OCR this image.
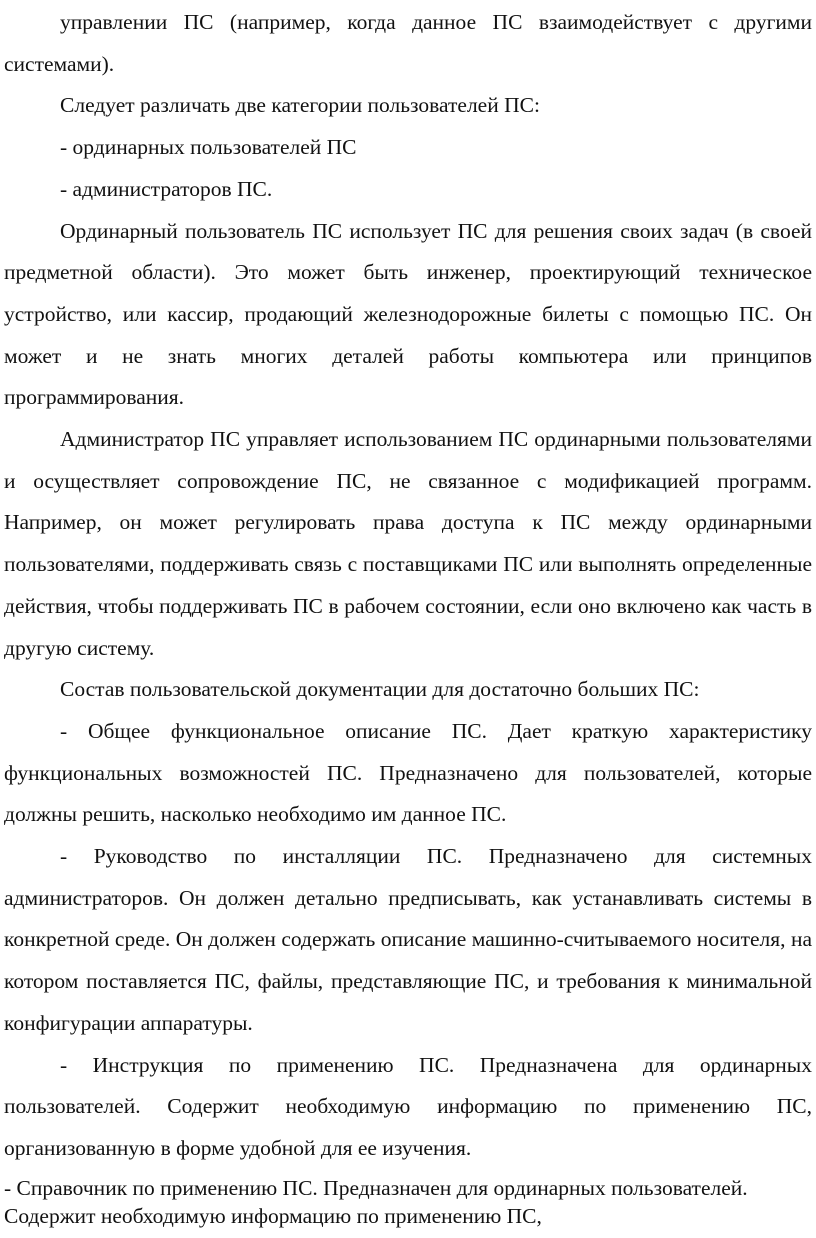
управлении ПС (например, когда данное ПС взаимодействует с другими системами).

Следует различать две категории пользователей ПС:

- ординарных пользователей ПС

- администраторов ПС.

Ординарный пользователь ПС использует ПС для решения своих задач (в своей предметной области). Это может быть инженер, проектирующий техническое устройство, или кассир, продающий железнодорожные билеты с помощью ПС. Он может и не знать многих деталей работы компьютера или принципов программирования.

Администратор ПС управляет использованием ПС ординарными пользователями и осуществляет сопровождение ПС, не связанное с модификацией программ. Например, он может регулировать права доступа к ПС между ординарными пользователями, поддерживать связь с поставщиками ПС или выполнять определенные действия, чтобы поддерживать ПС в рабочем состоянии, если оно включено как часть в другую систему.

Состав пользовательской документации для достаточно больших ПС:

- Общее функциональное описание ПС. Дает краткую характеристику функциональных возможностей ПС. Предназначено для пользователей, которые должны решить, насколько необходимо им данное ПС.

- Руководство по инсталляции ПС. Предназначено для системных администраторов. Он должен детально предписывать, как устанавливать системы в конкретной среде. Он должен содержать описание машинно-считываемого носителя, на котором поставляется ПС, файлы, представляющие ПС, и требования к минимальной конфигурации аппаратуры.

- Инструкция по применению ПС. Предназначена для ординарных пользователей. Содержит необходимую информацию по применению ПС, организованную в форме удобной для ее изучения.

- Справочник по применению ПС. Предназначен для ординарных пользователей. Содержит необходимую информацию по применению ПС,
